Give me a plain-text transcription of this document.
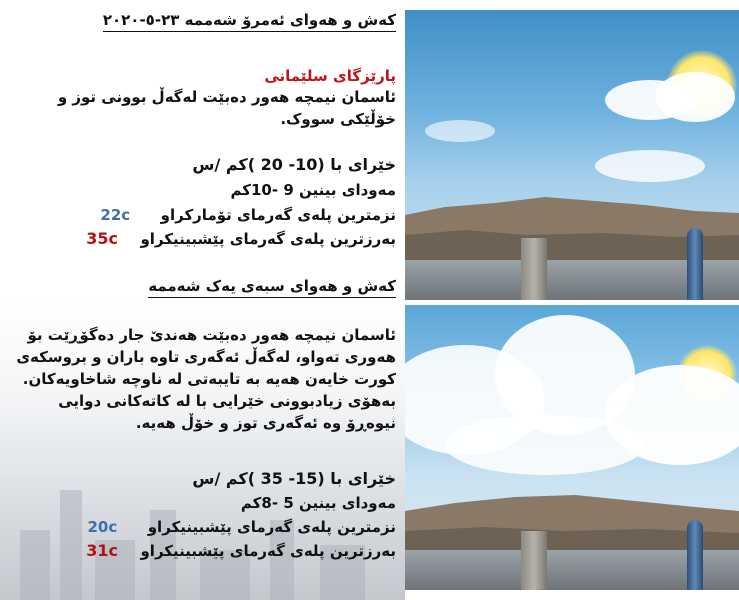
کەش و هەوای ئەمرۆ شەممە ٢٣-٥-٢٠٢٠
پارێزگای سلێمانی
ئاسمان نیمچە هەور دەبێت لەگەڵ بوونی توز و خۆڵێکی سووک.
خێرای با (10- 20 )کم /س
مەودای بینین 9 -10کم
نزمترین پلەی گەرمای تۆمارکراو  22c
بەرزترین پلەی گەرمای پێشبینیکراو  35c
کەش و هەوای سبەی یەک شەممە
ئاسمان نیمچە هەور دەبێت هەندێ جار دەگۆڕێت بۆ هەوری تەواو، لەگەڵ ئەگەری تاوە باران و بروسکەی کورت خایەن هەیە بە تایبەتی لە ناوچە شاخاویەکان. بەهۆی زیادبوونی خێرایی با لە کاتەکانی دوایی نیوەڕۆ وە ئەگەری توز و خۆڵ هەیە.
خێرای با (15- 35 )کم /س
مەودای بینین 5 -8کم
نزمترین پلەی گەرمای پێشبینیکراو  20c
بەرزترین پلەی گەرمای پێشبینیکراو  31c
